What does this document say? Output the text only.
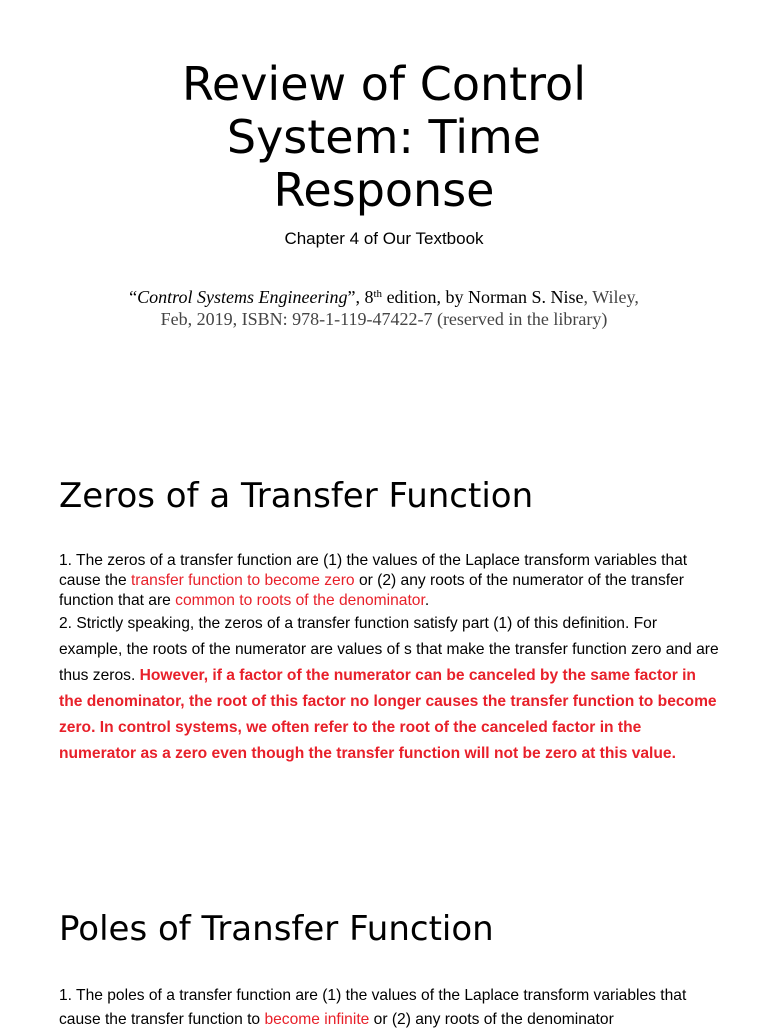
Review of Control
System: Time
Response
Chapter 4 of Our Textbook
“Control Systems Engineering”, 8th edition, by Norman S. Nise, Wiley,
Feb, 2019, ISBN: 978-1-119-47422-7 (reserved in the library)
Zeros of a Transfer Function
1. The zeros of a transfer function are (1) the values of the Laplace transform variables that cause the transfer function to become zero or (2) any roots of the numerator of the transfer function that are common to roots of the denominator.
2. Strictly speaking, the zeros of a transfer function satisfy part (1) of this definition. For example, the roots of the numerator are values of s that make the transfer function zero and are thus zeros. However, if a factor of the numerator can be canceled by the same factor in the denominator, the root of this factor no longer causes the transfer function to become zero. In control systems, we often refer to the root of the canceled factor in the numerator as a zero even though the transfer function will not be zero at this value.
Poles of Transfer Function
1. The poles of a transfer function are (1) the values of the Laplace transform variables that cause the transfer function to become infinite or (2) any roots of the denominator
